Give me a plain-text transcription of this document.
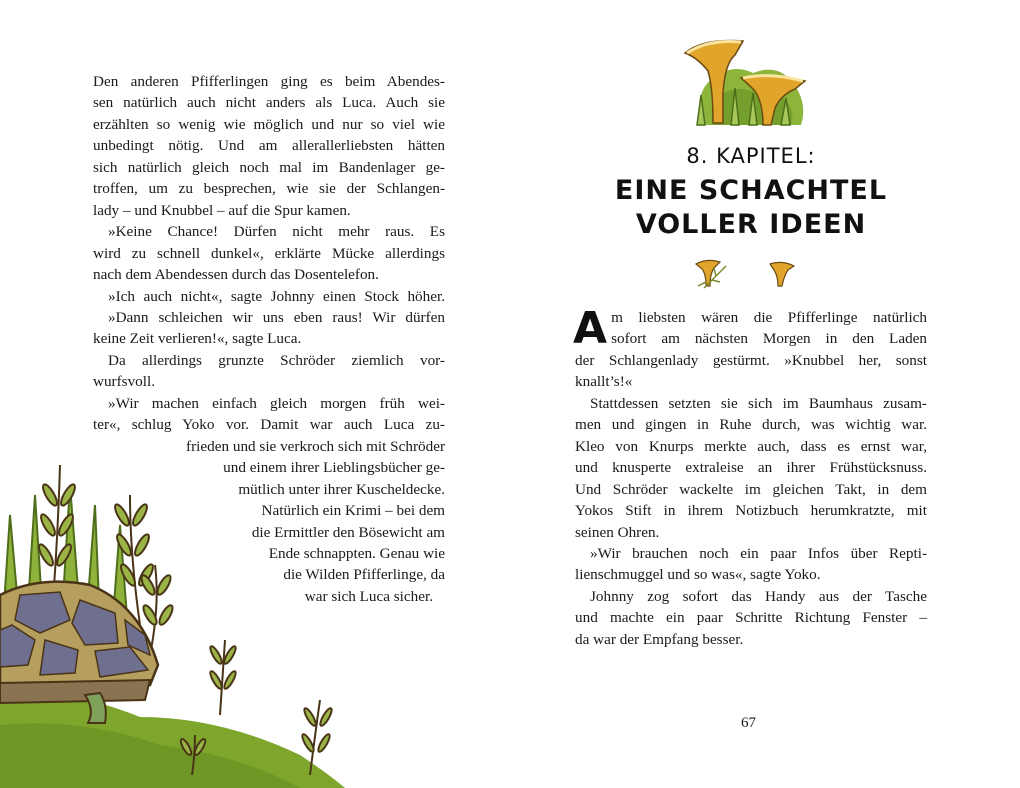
Den anderen Pfifferlingen ging es beim Abendes-
sen natürlich auch nicht anders als Luca. Auch sie
erzählten so wenig wie möglich und nur so viel wie
unbedingt nötig. Und am allerallerliebsten hätten
sich natürlich gleich noch mal im Bandenlager ge-
troffen, um zu besprechen, wie sie der Schlangen-
lady – und Knubbel – auf die Spur kamen.
»Keine Chance! Dürfen nicht mehr raus. Es
wird zu schnell dunkel«, erklärte Mücke allerdings
nach dem Abendessen durch das Dosentelefon.
»Ich auch nicht«, sagte Johnny einen Stock höher.
»Dann schleichen wir uns eben raus! Wir dürfen
keine Zeit verlieren!«, sagte Luca.
Da allerdings grunzte Schröder ziemlich vor-
wurfsvoll.
»Wir machen einfach gleich morgen früh wei-
ter«, schlug Yoko vor. Damit war auch Luca zu-
frieden und sie verkroch sich mit Schröder
und einem ihrer Lieblingsbücher ge-
mütlich unter ihrer Kuscheldecke.
Natürlich ein Krimi – bei dem
die Ermittler den Bösewicht am
Ende schnappten. Genau wie
die Wilden Pfifferlinge, da
war sich Luca sicher.
8. KAPITEL:
EINE SCHACHTEL
VOLLER IDEEN
A m liebsten wären die Pfifferlinge natürlich
sofort am nächsten Morgen in den Laden
der Schlangenlady gestürmt. »Knubbel her, sonst
knallt’s!«
Stattdessen setzten sie sich im Baumhaus zusam-
men und gingen in Ruhe durch, was wichtig war.
Kleo von Knurps merkte auch, dass es ernst war,
und knusperte extraleise an ihrer Frühstücksnuss.
Und Schröder wackelte im gleichen Takt, in dem
Yokos Stift in ihrem Notizbuch herumkratzte, mit
seinen Ohren.
»Wir brauchen noch ein paar Infos über Repti-
lienschmuggel und so was«, sagte Yoko.
Johnny zog sofort das Handy aus der Tasche
und machte ein paar Schritte Richtung Fenster –
da war der Empfang besser.
67
